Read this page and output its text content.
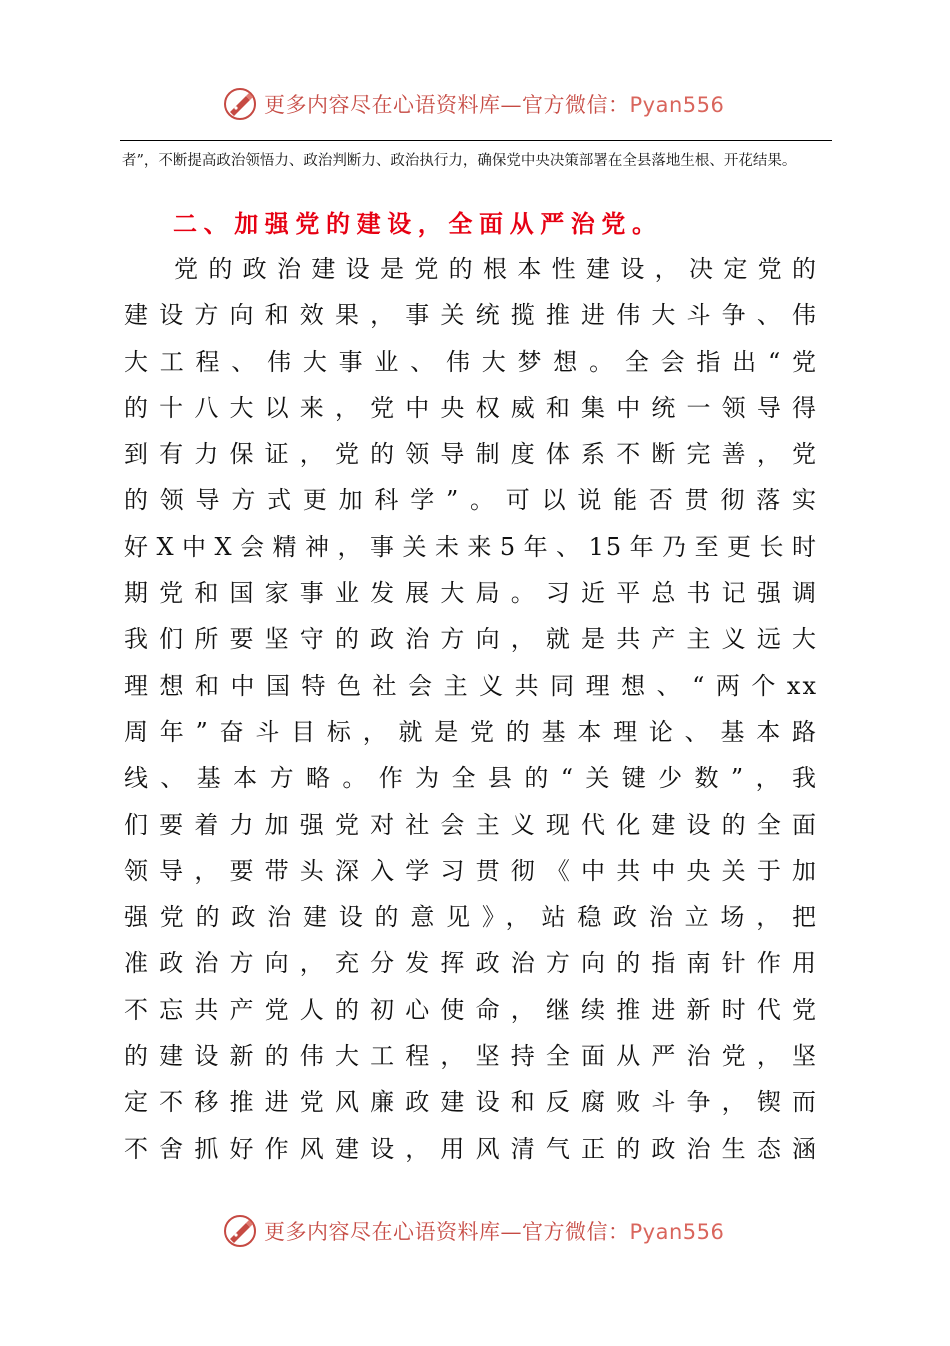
更多内容尽在心语资料库—官方微信：Pyan556
者”，不断提高政治领悟力、政治判断力、政治执行力，确保党中央决策部署在全县落地生根、开花结果。
二、加强党的建设，全面从严治党。
党的政治建设是党的根本性建设，决定党的
建设方向和效果，事关统揽推进伟大斗争、伟
大工程、伟大事业、伟大梦想。全会指出“党
的十八大以来，党中央权威和集中统一领导得
到有力保证，党的领导制度体系不断完善，党
的领导方式更加科学”。可以说能否贯彻落实
好X中X会精神，事关未来5年、15年乃至更长时
期党和国家事业发展大局。习近平总书记强调
我们所要坚守的政治方向，就是共产主义远大
理想和中国特色社会主义共同理想、“两个xx
周年”奋斗目标，就是党的基本理论、基本路
线、基本方略。作为全县的“关键少数”，我
们要着力加强党对社会主义现代化建设的全面
领导，要带头深入学习贯彻《中共中央关于加
强党的政治建设的意见》，站稳政治立场，把
准政治方向，充分发挥政治方向的指南针作用
不忘共产党人的初心使命，继续推进新时代党
的建设新的伟大工程，坚持全面从严治党，坚
定不移推进党风廉政建设和反腐败斗争，锲而
不舍抓好作风建设，用风清气正的政治生态涵
更多内容尽在心语资料库—官方微信：Pyan556
